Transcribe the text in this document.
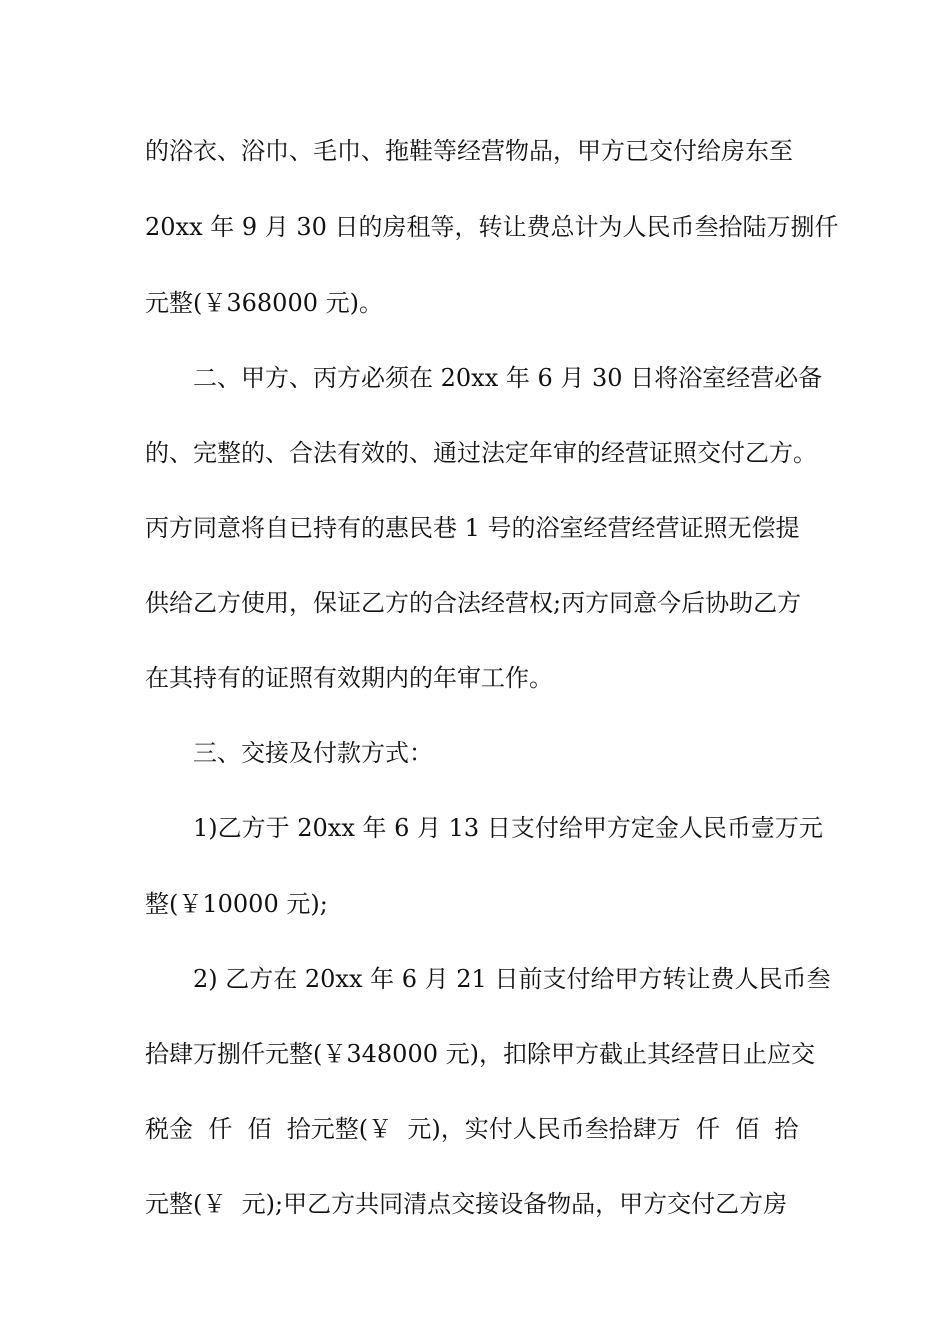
的浴衣、浴巾、毛巾、拖鞋等经营物品，甲方已交付给房东至
20xx 年 9 月 30 日的房租等，转让费总计为人民币叁拾陆万捌仟
元整(￥368000 元)。
二、甲方、丙方必须在 20xx 年 6 月 30 日将浴室经营必备
的、完整的、合法有效的、通过法定年审的经营证照交付乙方。
丙方同意将自已持有的惠民巷 1 号的浴室经营经营证照无偿提
供给乙方使用，保证乙方的合法经营权;丙方同意今后协助乙方
在其持有的证照有效期内的年审工作。
三、交接及付款方式：
1)乙方于 20xx 年 6 月 13 日支付给甲方定金人民币壹万元
整(￥10000 元);
2) 乙方在 20xx 年 6 月 21 日前支付给甲方转让费人民币叁
拾肆万捌仟元整(￥348000 元)，扣除甲方截止其经营日止应交
税金  仟  佰  拾元整(￥  元)，实付人民币叁拾肆万  仟  佰  拾
元整(￥  元);甲乙方共同清点交接设备物品，甲方交付乙方房
